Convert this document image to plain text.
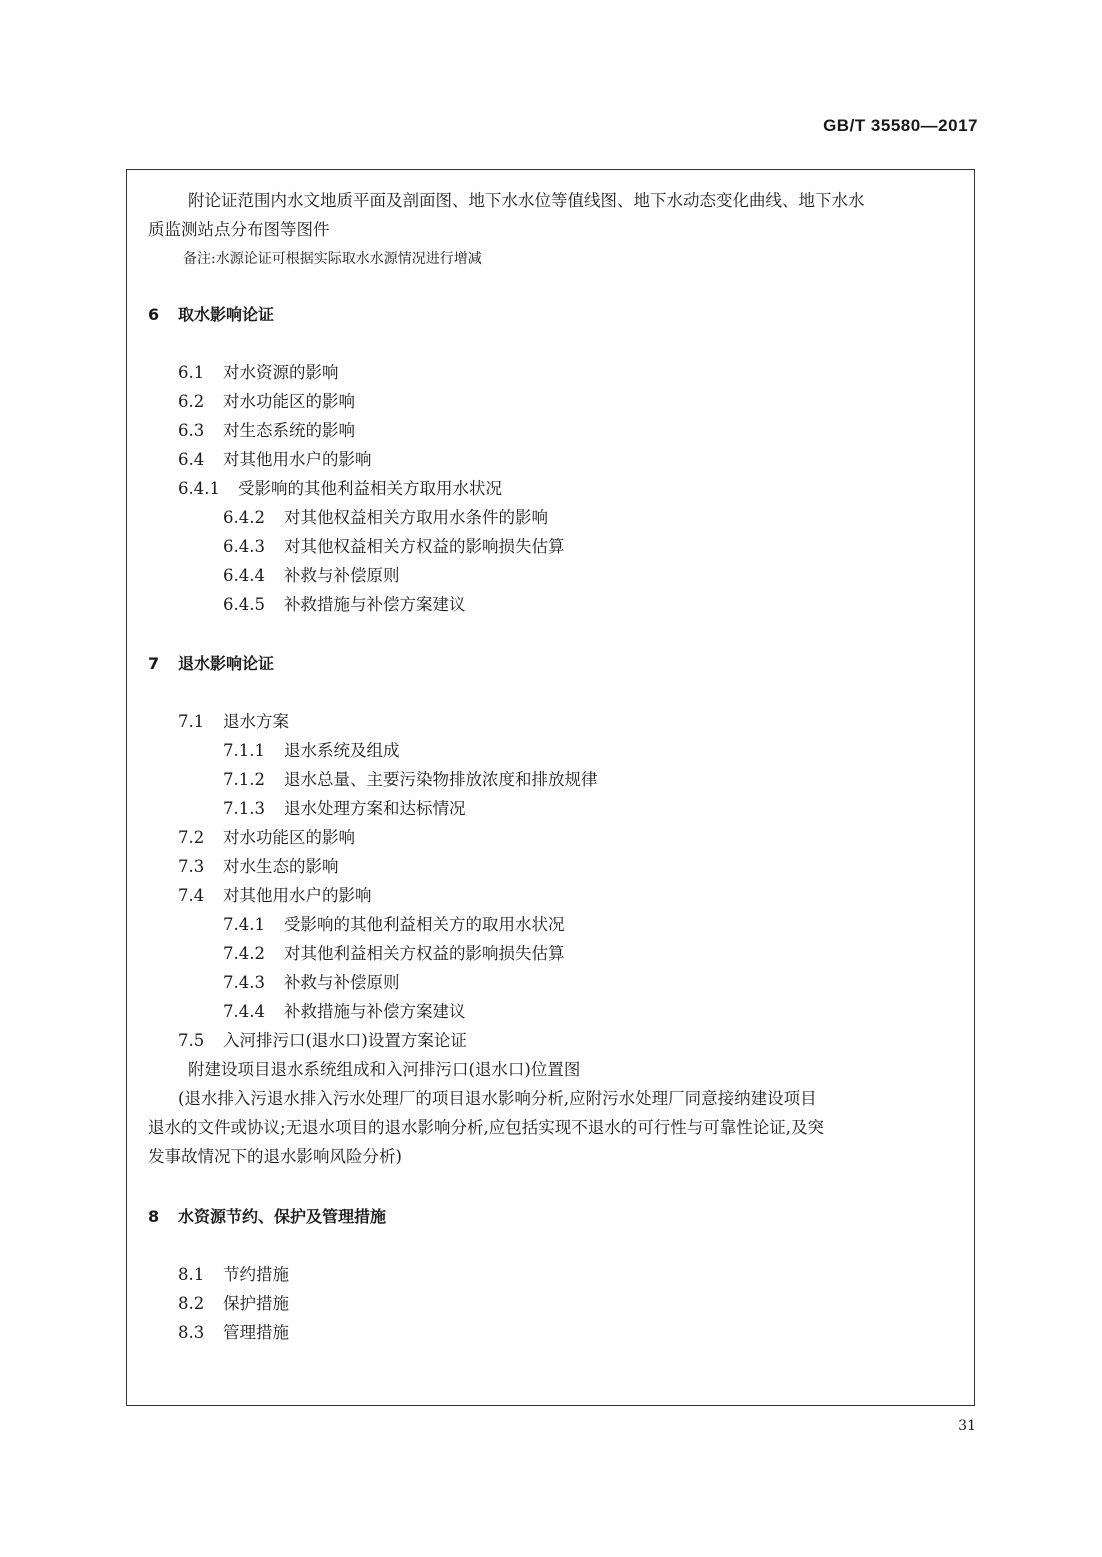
GB/T 35580—2017
附论证范围内水文地质平面及剖面图、地下水水位等值线图、地下水动态变化曲线、地下水水
质监测站点分布图等图件
备注:水源论证可根据实际取水水源情况进行增减
6 取水影响论证
6.1 对水资源的影响
6.2 对水功能区的影响
6.3 对生态系统的影响
6.4 对其他用水户的影响
6.4.1 受影响的其他利益相关方取用水状况
6.4.2 对其他权益相关方取用水条件的影响
6.4.3 对其他权益相关方权益的影响损失估算
6.4.4 补救与补偿原则
6.4.5 补救措施与补偿方案建议
7 退水影响论证
7.1 退水方案
7.1.1 退水系统及组成
7.1.2 退水总量、主要污染物排放浓度和排放规律
7.1.3 退水处理方案和达标情况
7.2 对水功能区的影响
7.3 对水生态的影响
7.4 对其他用水户的影响
7.4.1 受影响的其他利益相关方的取用水状况
7.4.2 对其他利益相关方权益的影响损失估算
7.4.3 补救与补偿原则
7.4.4 补救措施与补偿方案建议
7.5 入河排污口(退水口)设置方案论证
附建设项目退水系统组成和入河排污口(退水口)位置图
(退水排入污退水排入污水处理厂的项目退水影响分析,应附污水处理厂同意接纳建设项目
退水的文件或协议;无退水项目的退水影响分析,应包括实现不退水的可行性与可靠性论证,及突
发事故情况下的退水影响风险分析)
8 水资源节约、保护及管理措施
8.1 节约措施
8.2 保护措施
8.3 管理措施
31
